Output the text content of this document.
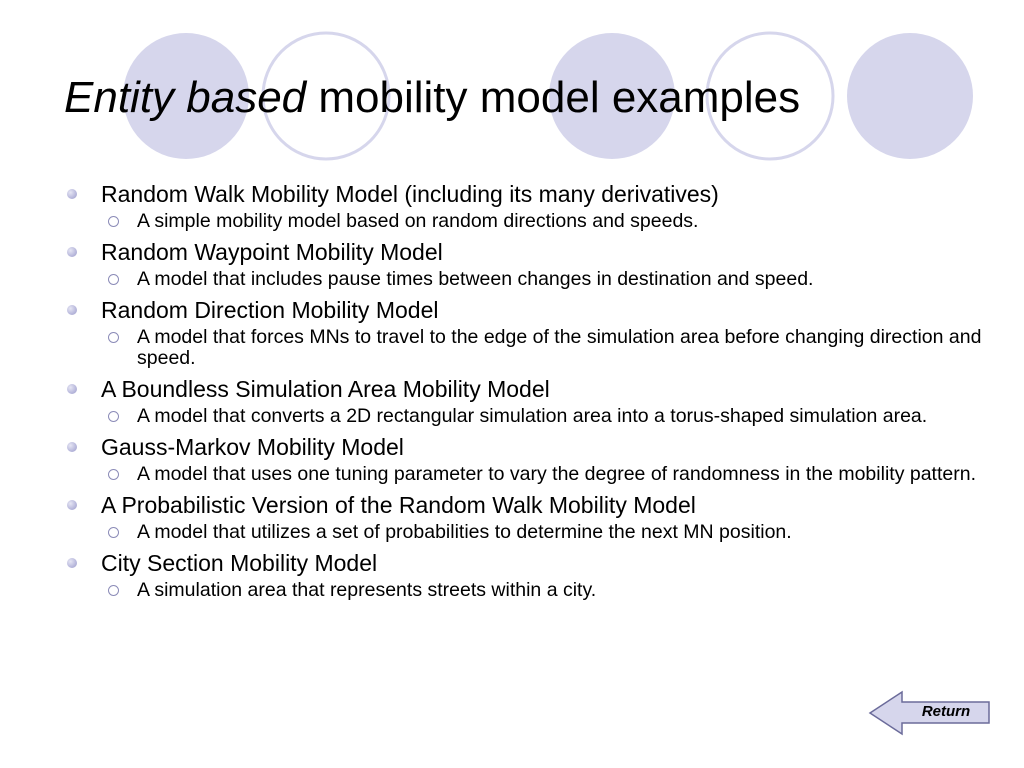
Entity based mobility model examples
Random Walk Mobility Model (including its many derivatives)
A simple mobility model based on random directions and speeds.
Random Waypoint Mobility Model
A model that includes pause times between changes in destination and speed.
Random Direction Mobility Model
A model that forces MNs to travel to the edge of the simulation area before changing direction and speed.
A Boundless Simulation Area Mobility Model
A model that converts a 2D rectangular simulation area into a torus-shaped simulation area.
Gauss-Markov Mobility Model
A model that uses one tuning parameter to vary the degree of randomness in the mobility pattern.
A Probabilistic Version of the Random Walk Mobility Model
A model that utilizes a set of probabilities to determine the next MN position.
City Section Mobility Model
A simulation area that represents streets within a city.
Return
